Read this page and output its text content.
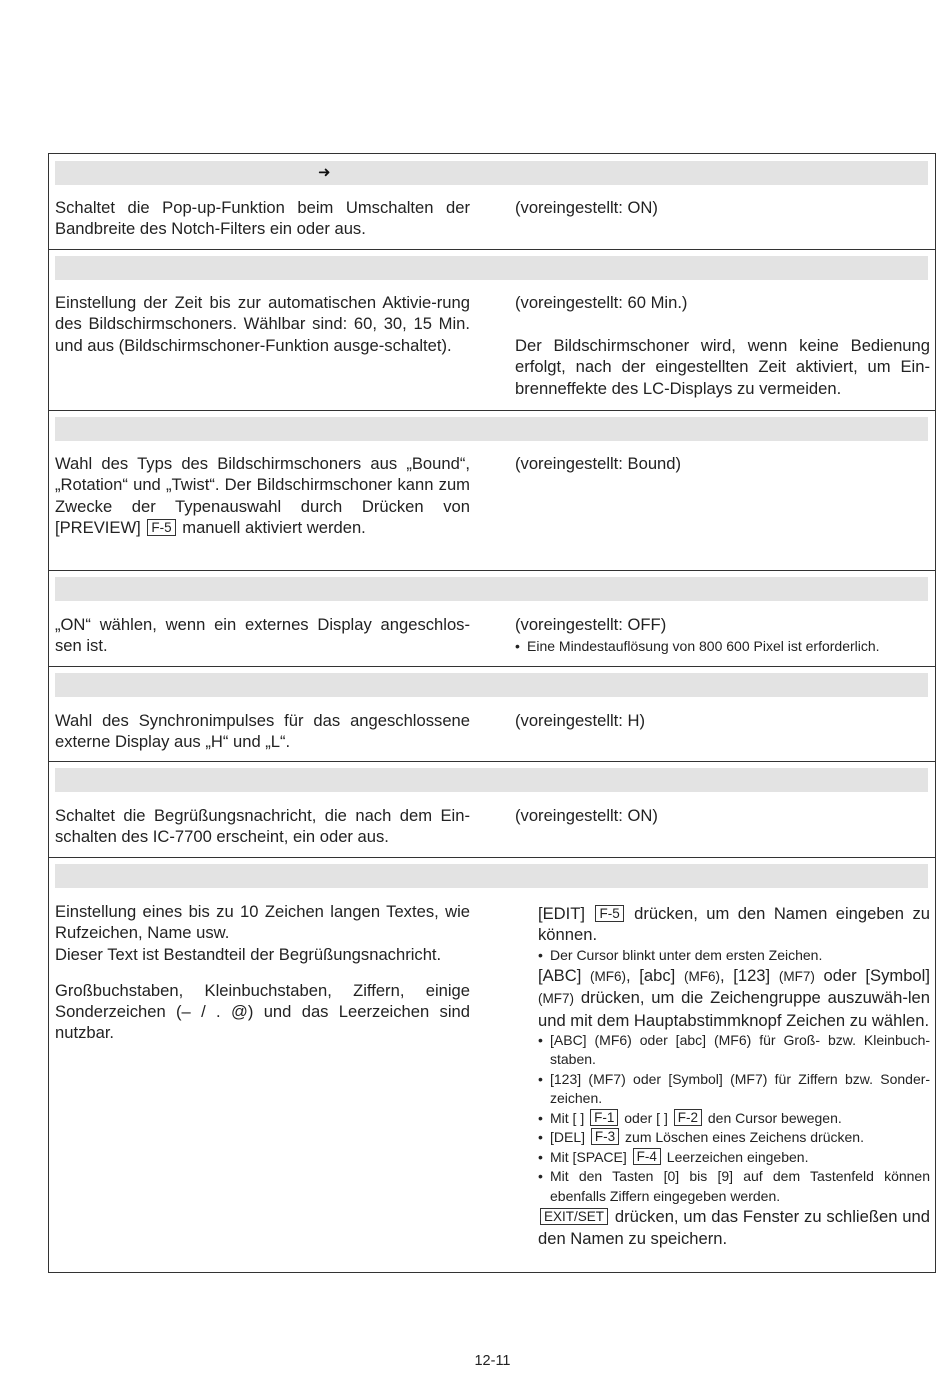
➜
Schaltet die Pop-up-Funktion beim Umschalten der Bandbreite des Notch-Filters ein oder aus.
(voreingestellt: ON)
Einstellung der Zeit bis zur automatischen Aktivie-rung des Bildschirmschoners. Wählbar sind: 60, 30, 15 Min. und aus (Bildschirmschoner-Funktion ausge-schaltet).
(voreingestellt: 60 Min.)
Der Bildschirmschoner wird, wenn keine Bedienung erfolgt, nach der eingestellten Zeit aktiviert, um Ein-brenneffekte des LC-Displays zu vermeiden.
Wahl des Typs des Bildschirmschoners aus „Bound“, „Rotation“ und „Twist“. Der Bildschirmschoner kann zum Zwecke der Typenauswahl durch Drücken von [PREVIEW] F-5 manuell aktiviert werden.
(voreingestellt: Bound)
„ON“ wählen, wenn ein externes Display angeschlos-sen ist.
(voreingestellt: OFF)
• Eine Mindestauflösung von 800 600 Pixel ist erforderlich.
Wahl des Synchronimpulses für das angeschlossene externe Display aus „H“ und „L“.
(voreingestellt: H)
Schaltet die Begrüßungsnachricht, die nach dem Ein-schalten des IC-7700 erscheint, ein oder aus.
(voreingestellt: ON)
Einstellung eines bis zu 10 Zeichen langen Textes, wie Rufzeichen, Name usw.
Dieser Text ist Bestandteil der Begrüßungsnachricht.
Großbuchstaben, Kleinbuchstaben, Ziffern, einige Sonderzeichen (– / . @) und das Leerzeichen sind nutzbar.
[EDIT] F-5 drücken, um den Namen eingeben zu können.
• Der Cursor blinkt unter dem ersten Zeichen.
[ABC] (MF6), [abc] (MF6), [123] (MF7) oder [Symbol] (MF7) drücken, um die Zeichengruppe auszuwäh-len und mit dem Hauptabstimmknopf Zeichen zu wählen.
• [ABC] (MF6) oder [abc] (MF6) für Groß- bzw. Kleinbuch-staben.
• [123] (MF7) oder [Symbol] (MF7) für Ziffern bzw. Sonder-zeichen.
• Mit [ ] F-1 oder [ ] F-2 den Cursor bewegen.
• [DEL] F-3 zum Löschen eines Zeichens drücken.
• Mit [SPACE] F-4 Leerzeichen eingeben.
• Mit den Tasten [0] bis [9] auf dem Tastenfeld können ebenfalls Ziffern eingegeben werden.
EXIT/SET drücken, um das Fenster zu schließen und den Namen zu speichern.
12-11
